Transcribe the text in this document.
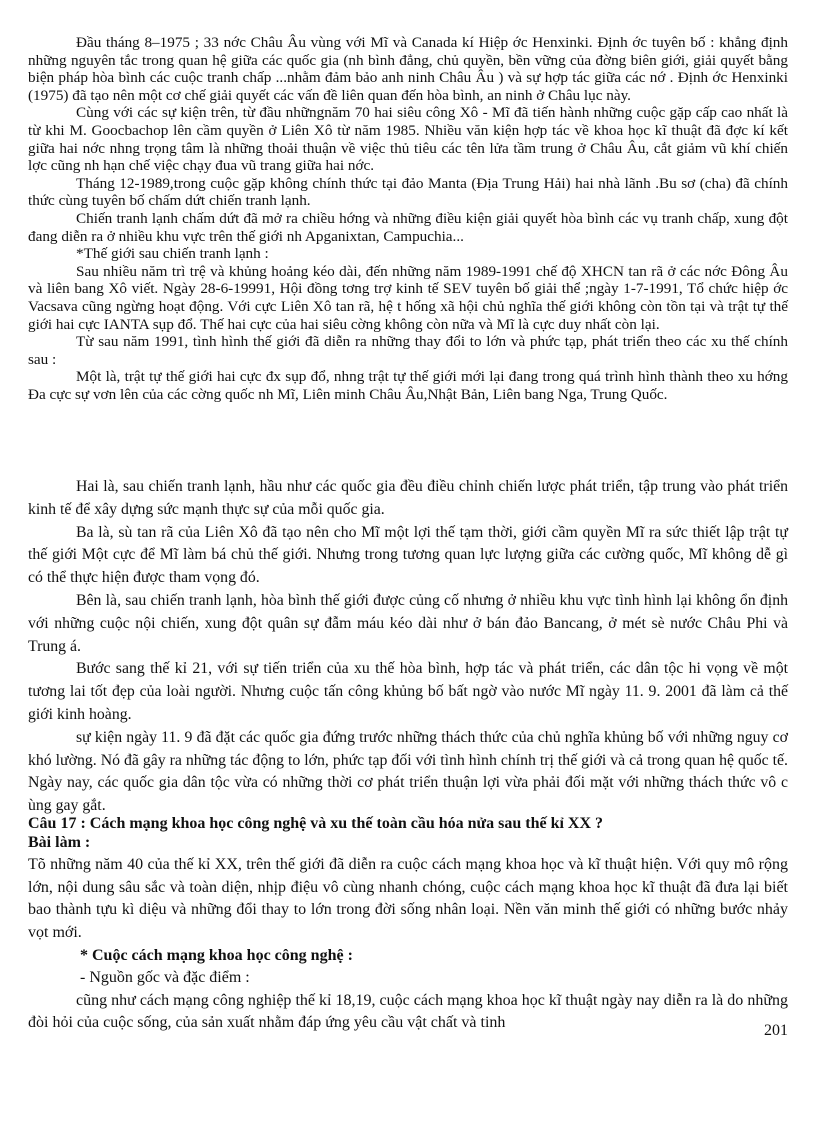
Đầu tháng 8–1975 ; 33 nớc Châu Âu vùng với Mĩ và Canada kí Hiệp ớc Henxinki. Định ớc tuyên bố : khẳng định những nguyên tắc trong quan hệ giữa các quốc gia (nh bình đẳng, chủ quyền, bền vững của đờng biên giới, giải quyết bằng biện pháp hòa bình các cuộc tranh chấp ...nhằm đảm bảo anh ninh Châu Âu ) và sự hợp tác giữa các nớ . Định ớc Henxinki (1975) đã tạo nên một cơ chế giải quyết các vấn đề liên quan đến hòa bình, an ninh ở Châu lục này.

Cùng với các sự kiện trên, từ đầu nhữngnăm 70 hai siêu công Xô - Mĩ đã tiến hành những cuộc gặp cấp cao nhất là từ khi M. Goocbachop lên cầm quyền ở Liên Xô từ năm 1985. Nhiều văn kiện hợp tác về khoa học kĩ thuật đã đợc kí kết giữa hai nớc nhng trọng tâm là những thoải thuận về việc thủ tiêu các tên lửa tầm trung ở Châu Âu, cắt giảm vũ khí chiến lợc cũng nh hạn chế việc chạy đua vũ trang giữa hai nớc.

Tháng 12-1989,trong cuộc gặp không chính thức tại đảo Manta (Địa Trung Hải) hai nhà lãnh .Bu sơ (cha) đã chính thức cùng tuyên bố chấm dứt chiến tranh lạnh.

Chiến tranh lạnh chấm dứt đã mở ra chiều hớng và những điều kiện giải quyết hòa bình các vụ tranh chấp, xung đột đang diễn ra ở nhiều khu vực trên thế giới nh Apganixtan, Campuchia...

*Thế giới sau chiến tranh lạnh :

Sau nhiều năm trì trệ và khủng hoảng kéo dài, đến những năm 1989-1991 chế độ XHCN tan rã ở các nớc Đông Âu và liên bang Xô viết. Ngày 28-6-19991, Hội đồng tơng trợ kinh tế SEV tuyên bố giải thể ;ngày 1-7-1991, Tổ chức hiệp ớc Vacsava cũng ngừng hoạt động. Với cực Liên Xô tan rã, hệ t hống xã hội chủ nghĩa thế giới không còn tồn tại và trật tự thế giới hai cực IANTA sụp đổ. Thế hai cực của hai siêu cờng không còn nữa và Mĩ là cực duy nhất còn lại.

Từ sau năm 1991, tình hình thế giới đã diễn ra những thay đổi to lớn và phức tạp, phát triển theo các xu thế chính sau :

Một là, trật tự thế giới hai cực đx sụp đổ, nhng trật tự thế giới mới lại đang trong quá trình hình thành theo xu hớng Đa cực sự vơn lên của các cờng quốc nh Mĩ, Liên minh Châu Âu,Nhật Bản, Liên bang Nga, Trung Quốc.

Hai là, sau chiến tranh lạnh, hầu như các quốc gia đều điều chỉnh chiến lược phát triển, tập trung vào phát triển kinh tế để xây dựng sức mạnh thực sự của mỗi quốc gia.

Ba là, sù tan rã của Liên Xô đã tạo nên cho Mĩ một lợi thế tạm thời, giới cầm quyền Mĩ ra sức thiết lập trật tự thế giới Một cực để Mĩ làm bá chủ thế giới. Nhưng trong tương quan lực lượng giữa các cường quốc, Mĩ không dễ gì có thể thực hiện được tham vọng đó.

Bên là, sau chiến tranh lạnh, hòa bình thế giới được củng cố nhưng ở nhiều khu vực tình hình lại không ổn định với những cuộc nội chiến, xung đột quân sự đẫm máu kéo dài như ở bán đảo Bancang, ở mét sè nước Châu Phi và Trung á.

Bước sang thế kỉ 21, với sự tiến triển của xu thế hòa bình, hợp tác và phát triển, các dân tộc hi vọng về một tương lai tốt đẹp của loài người. Nhưng cuộc tấn công khủng bố bất ngờ vào nước Mĩ ngày 11. 9. 2001 đã làm cả thế giới kinh hoàng.

sự kiện ngày 11. 9 đã đặt các quốc gia đứng trước những thách thức của chủ nghĩa khủng bố với những nguy cơ khó lường. Nó đã gây ra những tác động to lớn, phức tạp đối với tình hình chính trị thế giới và cả trong quan hệ quốc tế. Ngày nay, các quốc gia dân tộc vừa có những thời cơ phát triển thuận lợi vừa phải đối mặt với những thách thức vô c ùng gay gắt.

Câu 17 : Cách mạng khoa học công nghệ và xu thế toàn cầu hóa nửa sau thế kỉ XX ?

Bài làm :

Tõ những năm 40 của thế kỉ XX, trên thế giới đã diễn ra cuộc cách mạng khoa học và kĩ thuật hiện. Với quy mô rộng lớn, nội dung sâu sắc và toàn diện, nhịp điệu vô cùng nhanh chóng, cuộc cách mạng khoa học kĩ thuật đã đưa lại biết bao thành tựu kì diệu và những đổi thay to lớn trong đời sống nhân loại. Nền văn minh thế giới có những bước nhảy vọt mới.

* Cuộc cách mạng khoa học công nghệ :

- Nguồn gốc và đặc điểm :

cũng như cách mạng công nghiệp thế kỉ 18,19, cuộc cách mạng khoa học kĩ thuật ngày nay diễn ra là do những đòi hỏi của cuộc sống, của sản xuất nhằm đáp ứng yêu cầu vật chất và tinh	201
